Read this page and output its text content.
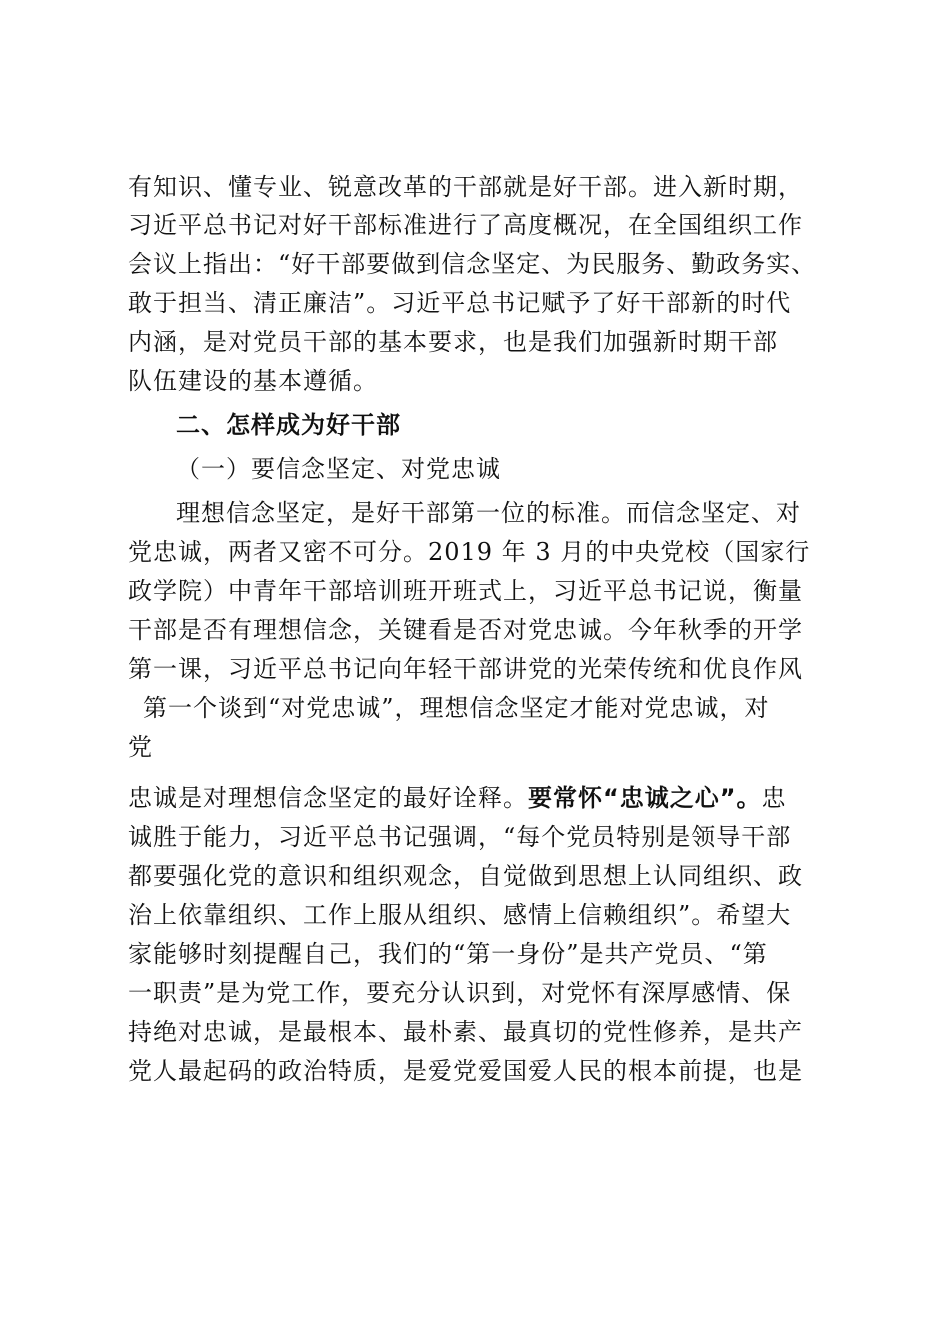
有知识、懂专业、锐意改革的干部就是好干部。进入新时期，
习近平总书记对好干部标准进行了高度概况，在全国组织工作
会议上指出：“好干部要做到信念坚定、为民服务、勤政务实、
敢于担当、清正廉洁”。习近平总书记赋予了好干部新的时代
内涵，是对党员干部的基本要求，也是我们加强新时期干部
队伍建设的基本遵循。
二、怎样成为好干部
（一）要信念坚定、对党忠诚
理想信念坚定，是好干部第一位的标准。而信念坚定、对
党忠诚，两者又密不可分。2019 年 3 月的中央党校（国家行
政学院）中青年干部培训班开班式上，习近平总书记说，衡量
干部是否有理想信念，关键看是否对党忠诚。今年秋季的开学
第一课，习近平总书记向年轻干部讲党的光荣传统和优良作风
第一个谈到“对党忠诚”，理想信念坚定才能对党忠诚，对
党
忠诚是对理想信念坚定的最好诠释。要常怀“忠诚之心”。忠
诚胜于能力，习近平总书记强调，“每个党员特别是领导干部
都要强化党的意识和组织观念，自觉做到思想上认同组织、政
治上依靠组织、工作上服从组织、感情上信赖组织”。希望大
家能够时刻提醒自己，我们的“第一身份”是共产党员、“第
一职责”是为党工作，要充分认识到，对党怀有深厚感情、保
持绝对忠诚，是最根本、最朴素、最真切的党性修养，是共产
党人最起码的政治特质，是爱党爱国爱人民的根本前提，也是
